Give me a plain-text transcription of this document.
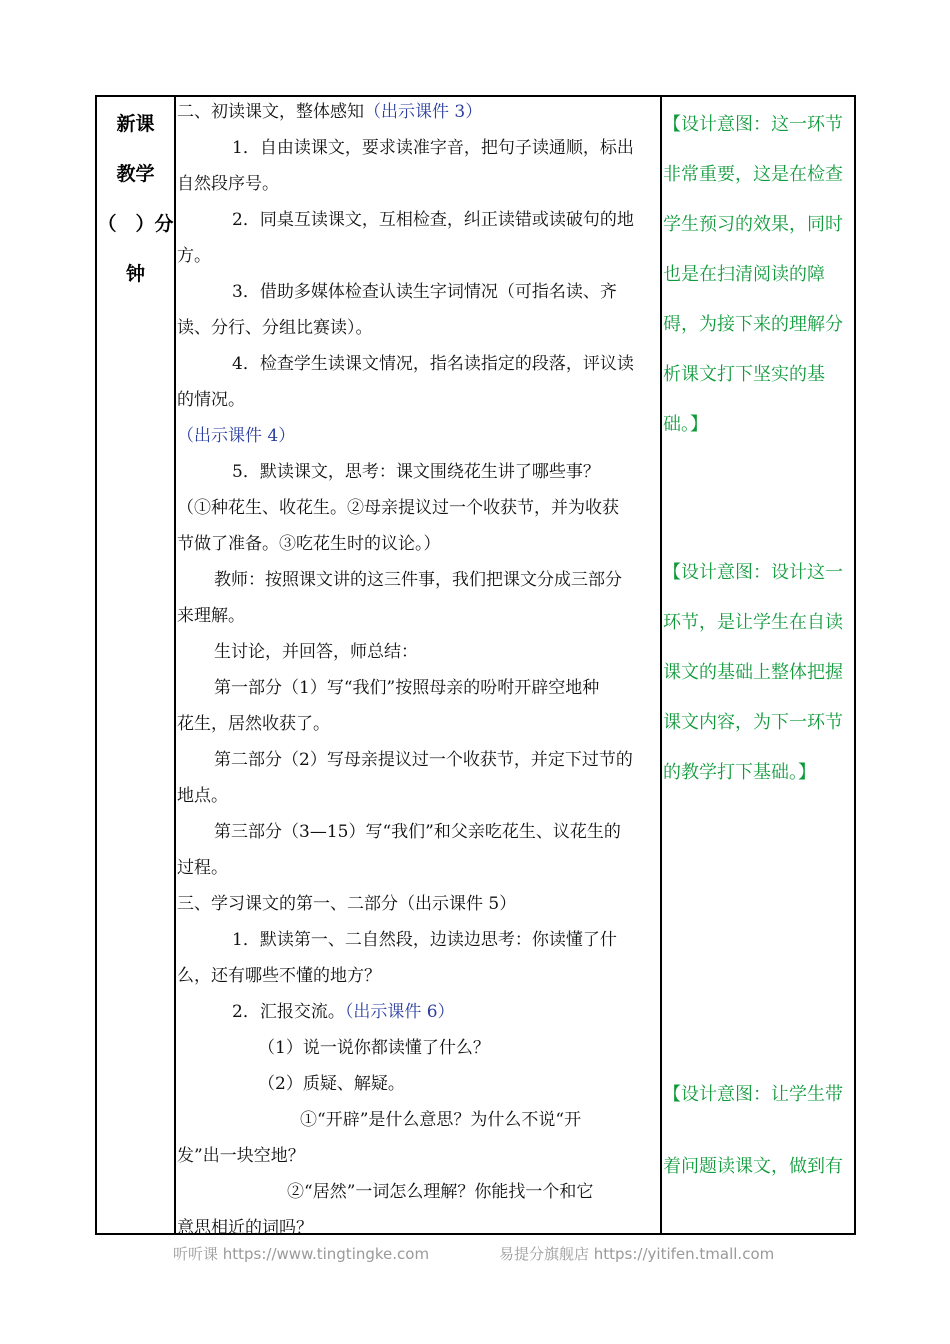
新课
教学
（　）分
钟
二、初读课文，整体感知（出示课件 3）
1．自由读课文，要求读准字音，把句子读通顺，标出
自然段序号。
2．同桌互读课文，互相检查，纠正读错或读破句的地
方。
3．借助多媒体检查认读生字词情况（可指名读、齐
读、分行、分组比赛读）。
4．检查学生读课文情况，指名读指定的段落，评议读
的情况。
（出示课件 4）
5．默读课文，思考：课文围绕花生讲了哪些事？
（①种花生、收花生。②母亲提议过一个收获节，并为收获
节做了准备。③吃花生时的议论。）
教师：按照课文讲的这三件事，我们把课文分成三部分
来理解。
生讨论，并回答，师总结：
第一部分（1）写“我们”按照母亲的吩咐开辟空地种
花生，居然收获了。
第二部分（2）写母亲提议过一个收获节，并定下过节的
地点。
第三部分（3—15）写“我们”和父亲吃花生、议花生的
过程。
三、学习课文的第一、二部分（出示课件 5）
1．默读第一、二自然段，边读边思考：你读懂了什
么，还有哪些不懂的地方？
2．汇报交流。（出示课件 6）
（1）说一说你都读懂了什么？
（2）质疑、解疑。
①“开辟”是什么意思？为什么不说“开
发”出一块空地？
②“居然”一词怎么理解？你能找一个和它
意思相近的词吗？
【设计意图：这一环节
非常重要，这是在检查
学生预习的效果，同时
也是在扫清阅读的障
碍，为接下来的理解分
析课文打下坚实的基
础。】
【设计意图：设计这一
环节，是让学生在自读
课文的基础上整体把握
课文内容，为下一环节
的教学打下基础。】
【设计意图：让学生带
着问题读课文，做到有
听听课 https://www.tingtingke.com	易提分旗舰店 https://yitifen.tmall.com
